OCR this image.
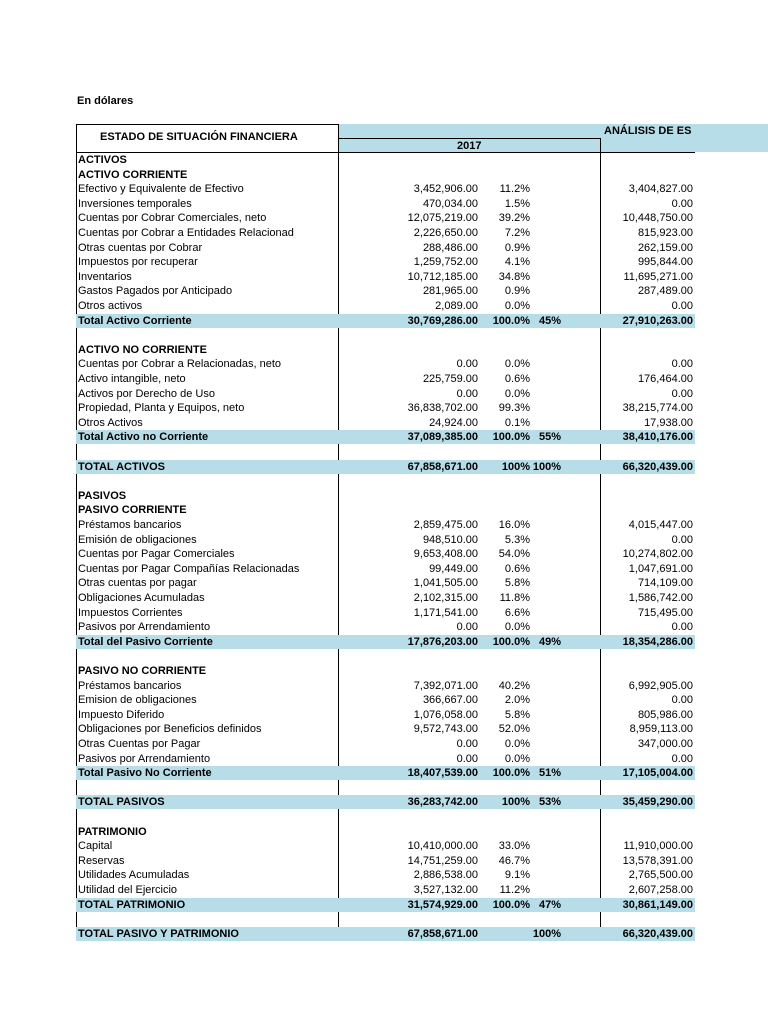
En dólares
ESTADO DE SITUACIÓN FINANCIERA	ANÁLISIS DE ES
2017
ACTIVOS
ACTIVO CORRIENTE
Efectivo y Equivalente de Efectivo	3,452,906.00 11.2%	3,404,827.00
Inversiones temporales	470,034.00 1.5%	0.00
Cuentas por Cobrar Comerciales, neto	12,075,219.00 39.2%	10,448,750.00
Cuentas por Cobrar a Entidades Relacionad	2,226,650.00 7.2%	815,923.00
Otras cuentas por Cobrar	288,486.00 0.9%	262,159.00
Impuestos por recuperar	1,259,752.00 4.1%	995,844.00
Inventarios	10,712,185.00 34.8%	11,695,271.00
Gastos Pagados por Anticipado	281,965.00 0.9%	287,489.00
Otros activos	2,089.00 0.0%	0.00
Total Activo Corriente	30,769,286.00 100.0% 45%	27,910,263.00
ACTIVO NO CORRIENTE
Cuentas por Cobrar a Relacionadas, neto	0.00 0.0%	0.00
Activo intangible, neto	225,759.00 0.6%	176,464.00
Activos por Derecho de Uso	0.00 0.0%	0.00
Propiedad, Planta y Equipos, neto	36,838,702.00 99.3%	38,215,774.00
Otros Activos	24,924.00 0.1%	17,938.00
Total Activo no Corriente	37,089,385.00 100.0% 55%	38,410,176.00
TOTAL ACTIVOS	67,858,671.00 100% 100%	66,320,439.00
PASIVOS
PASIVO CORRIENTE
Préstamos bancarios	2,859,475.00 16.0%	4,015,447.00
Emisión de obligaciones	948,510.00 5.3%	0.00
Cuentas por Pagar Comerciales	9,653,408.00 54.0%	10,274,802.00
Cuentas por Pagar Compañías Relacionadas	99,449.00 0.6%	1,047,691.00
Otras cuentas por pagar	1,041,505.00 5.8%	714,109.00
Obligaciones Acumuladas	2,102,315.00 11.8%	1,586,742.00
Impuestos Corrientes	1,171,541.00 6.6%	715,495.00
Pasivos por Arrendamiento	0.00 0.0%	0.00
Total del Pasivo Corriente	17,876,203.00 100.0% 49%	18,354,286.00
PASIVO NO CORRIENTE
Préstamos bancarios	7,392,071.00 40.2%	6,992,905.00
Emision de obligaciones	366,667.00 2.0%	0.00
Impuesto Diferido	1,076,058.00 5.8%	805,986.00
Obligaciones por Beneficios definidos	9,572,743.00 52.0%	8,959,113.00
Otras Cuentas por Pagar	0.00 0.0%	347,000.00
Pasivos por Arrendamiento	0.00 0.0%	0.00
Total Pasivo No Corriente	18,407,539.00 100.0% 51%	17,105,004.00
TOTAL PASIVOS	36,283,742.00 100% 53%	35,459,290.00
PATRIMONIO
Capital	10,410,000.00 33.0%	11,910,000.00
Reservas	14,751,259.00 46.7%	13,578,391.00
Utilidades Acumuladas	2,886,538.00 9.1%	2,765,500.00
Utilidad del Ejercicio	3,527,132.00 11.2%	2,607,258.00
TOTAL PATRIMONIO	31,574,929.00 100.0% 47%	30,861,149.00
TOTAL PASIVO Y PATRIMONIO	67,858,671.00	100%	66,320,439.00
